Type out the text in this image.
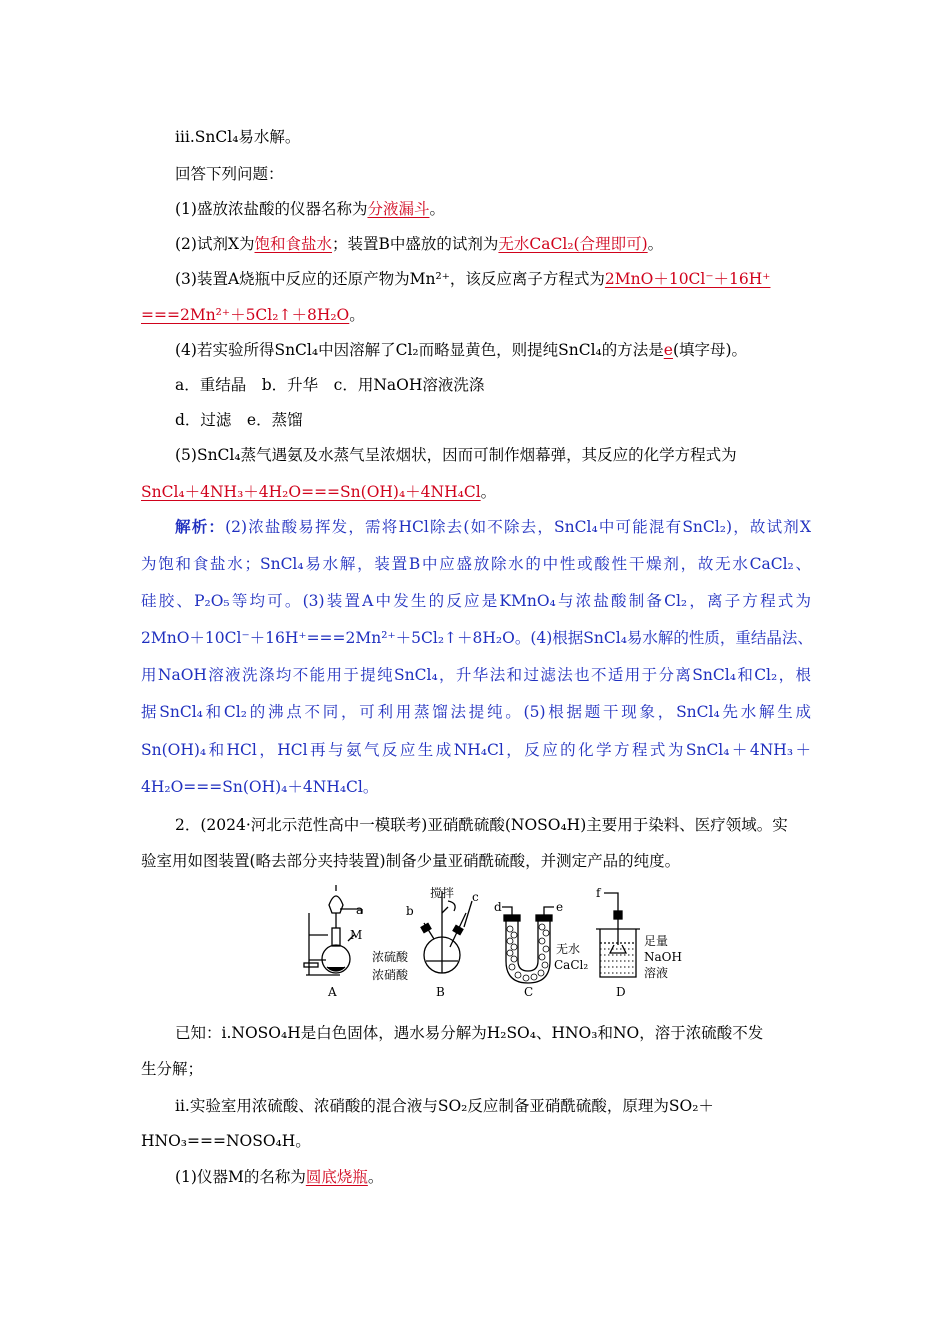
ⅲ.SnCl₄易水解。
回答下列问题：
(1)盛放浓盐酸的仪器名称为分液漏斗。
(2)试剂X为饱和食盐水；装置B中盛放的试剂为无水CaCl₂(合理即可)。
(3)装置A烧瓶中反应的还原产物为Mn²⁺，该反应离子方程式为2MnO＋10Cl⁻＋16H⁺
===2Mn²⁺＋5Cl₂↑＋8H₂O。
(4)若实验所得SnCl₄中因溶解了Cl₂而略显黄色，则提纯SnCl₄的方法是e(填字母)。
a．重结晶　b．升华　c．用NaOH溶液洗涤
d．过滤　e．蒸馏
(5)SnCl₄蒸气遇氨及水蒸气呈浓烟状，因而可制作烟幕弹，其反应的化学方程式为
SnCl₄＋4NH₃＋4H₂O===Sn(OH)₄＋4NH₄Cl。
解析：(2)浓盐酸易挥发，需将HCl除去(如不除去，SnCl₄中可能混有SnCl₂)，故试剂X
为饱和食盐水；SnCl₄易水解，装置B中应盛放除水的中性或酸性干燥剂，故无水CaCl₂、
硅胶、P₂O₅等均可。(3)装置A中发生的反应是KMnO₄与浓盐酸制备Cl₂，离子方程式为
2MnO＋10Cl⁻＋16H⁺===2Mn²⁺＋5Cl₂↑＋8H₂O。(4)根据SnCl₄易水解的性质，重结晶法、
用NaOH溶液洗涤均不能用于提纯SnCl₄，升华法和过滤法也不适用于分离SnCl₄和Cl₂，根
据SnCl₄和Cl₂的沸点不同，可利用蒸馏法提纯。(5)根据题干现象，SnCl₄先水解生成
Sn(OH)₄和HCl，HCl再与氨气反应生成NH₄Cl，反应的化学方程式为SnCl₄＋4NH₃＋
4H₂O===Sn(OH)₄＋4NH₄Cl。
2．(2024·河北示范性高中一模联考)亚硝酰硫酸(NOSO₄H)主要用于染料、医疗领域。实
验室用如图装置(略去部分夹持装置)制备少量亚硝酰硫酸，并测定产品的纯度。
a
M
A
b
搅拌 c
浓硫酸
浓硝酸
B
d	e
无水
CaCl₂
C
f
足量
NaOH
溶液
D
已知：ⅰ.NOSO₄H是白色固体，遇水易分解为H₂SO₄、HNO₃和NO，溶于浓硫酸不发
生分解；
ⅱ.实验室用浓硫酸、浓硝酸的混合液与SO₂反应制备亚硝酰硫酸，原理为SO₂＋
HNO₃===NOSO₄H。
(1)仪器M的名称为圆底烧瓶。
